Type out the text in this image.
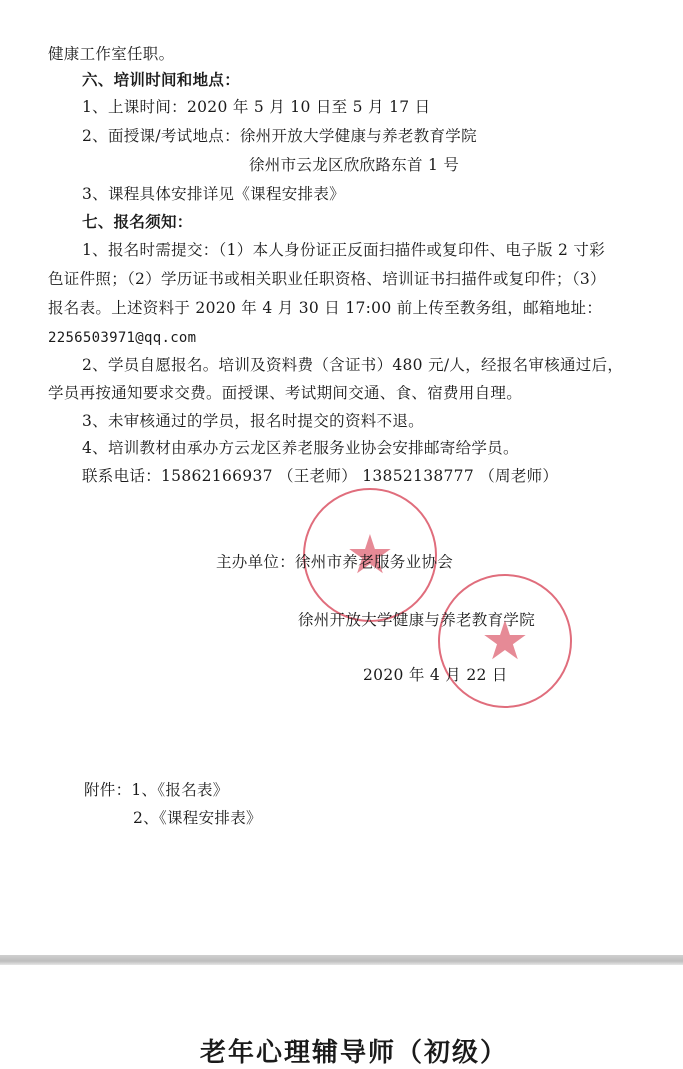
健康工作室任职。
六、培训时间和地点：
1、上课时间：2020 年 5 月 10 日至 5 月 17 日
2、面授课/考试地点：徐州开放大学健康与养老教育学院
徐州市云龙区欣欣路东首 1 号
3、课程具体安排详见《课程安排表》
七、报名须知：
1、报名时需提交：（1）本人身份证正反面扫描件或复印件、电子版 2 寸彩
色证件照；（2）学历证书或相关职业任职资格、培训证书扫描件或复印件；（3）
报名表。上述资料于 2020 年 4 月 30 日 17:00 前上传至教务组，邮箱地址：
2256503971@qq.com
2、学员自愿报名。培训及资料费（含证书）480 元/人，经报名审核通过后，
学员再按通知要求交费。面授课、考试期间交通、食、宿费用自理。
3、未审核通过的学员，报名时提交的资料不退。
4、培训教材由承办方云龙区养老服务业协会安排邮寄给学员。
联系电话：15862166937 （王老师） 13852138777 （周老师）
★
★
主办单位：徐州市养老服务业协会
徐州开放大学健康与养老教育学院
2020 年 4 月 22 日
附件：1、《报名表》
2、《课程安排表》
老年心理辅导师（初级）
